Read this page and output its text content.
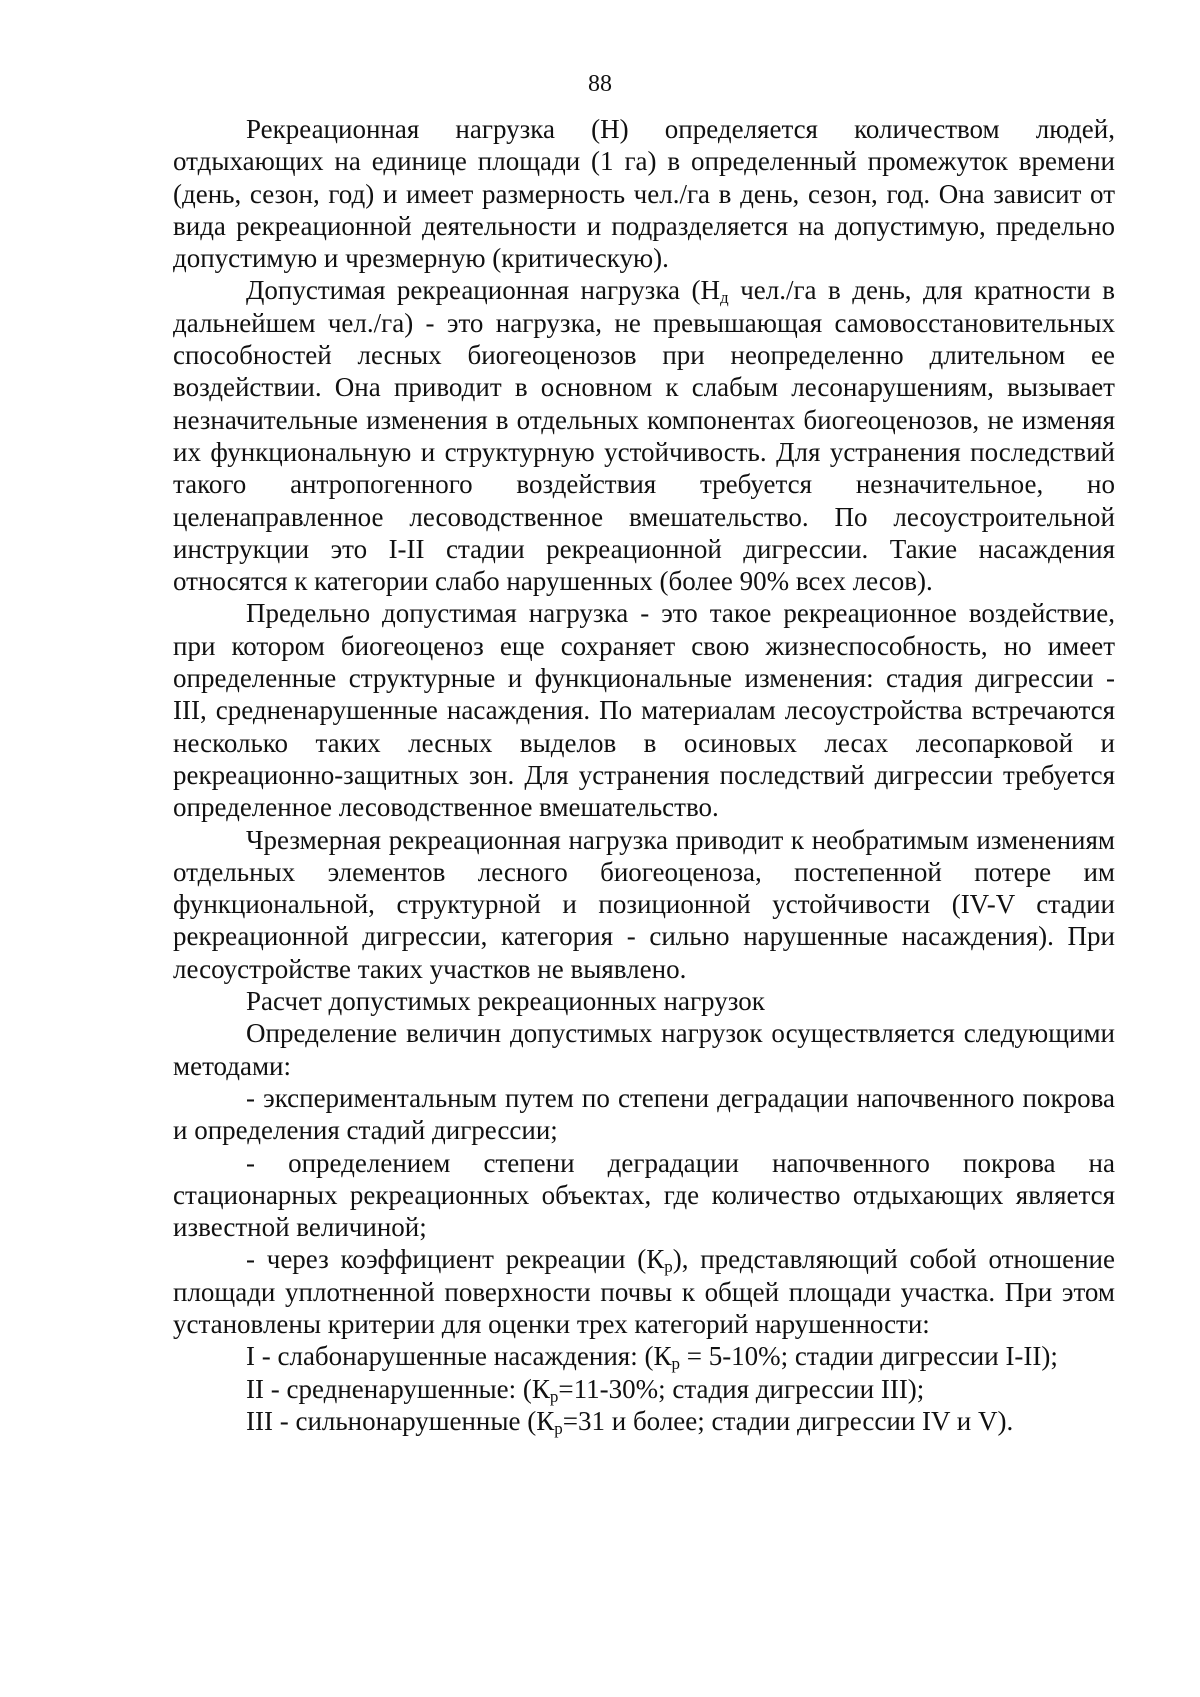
88

Рекреационная нагрузка (Н) определяется количеством людей, отдыхающих на единице площади (1 га) в определенный промежуток времени (день, сезон, год) и имеет размерность чел./га в день, сезон, год. Она зависит от вида рекреационной деятельности и подразделяется на допустимую, предельно допустимую и чрезмерную (критическую).

Допустимая рекреационная нагрузка ($Н_д$ чел./га в день, для кратности в дальнейшем чел./га) - это нагрузка, не превышающая самовосстановительных способностей лесных биогеоценозов при неопределенно длительном ее воздействии. Она приводит в основном к слабым лесонарушениям, вызывает незначительные изменения в отдельных компонентах биогеоценозов, не изменяя их функциональную и структурную устойчивость. Для устранения последствий такого антропогенного воздействия требуется незначительное, но целенаправленное лесоводственное вмешательство. По лесоустроительной инструкции это I-II стадии рекреационной дигрессии. Такие насаждения относятся к категории слабо нарушенных (более 90% всех лесов).

Предельно допустимая нагрузка - это такое рекреационное воздействие, при котором биогеоценоз еще сохраняет свою жизнеспособность, но имеет определенные структурные и функциональные изменения: стадия дигрессии - III, средненарушенные насаждения. По материалам лесоустройства встречаются несколько таких лесных выделов в осиновых лесах лесопарковой и рекреационно-защитных зон. Для устранения последствий дигрессии требуется определенное лесоводственное вмешательство.

Чрезмерная рекреационная нагрузка приводит к необратимым изменениям отдельных элементов лесного биогеоценоза, постепенной потере им функциональной, структурной и позиционной устойчивости (IV-V стадии рекреационной дигрессии, категория - сильно нарушенные насаждения). При лесоустройстве таких участков не выявлено.

Расчет допустимых рекреационных нагрузок

Определение величин допустимых нагрузок осуществляется следующими методами:

- экспериментальным путем по степени деградации напочвенного покрова и определения стадий дигрессии;

- определением степени деградации напочвенного покрова на стационарных рекреационных объектах, где количество отдыхающих является известной величиной;

- через коэффициент рекреации $(К_р)$, представляющий собой отношение площади уплотненной поверхности почвы к общей площади участка. При этом установлены критерии для оценки трех категорий нарушенности:

I - слабонарушенные насаждения: ($К_р = 5-10\%$; стадии дигрессии I-II);

II - средненарушенные: ($К_р=11-30\%$; стадия дигрессии III);

III - сильнонарушенные ($К_р=31$ и более; стадии дигрессии IV и V).
